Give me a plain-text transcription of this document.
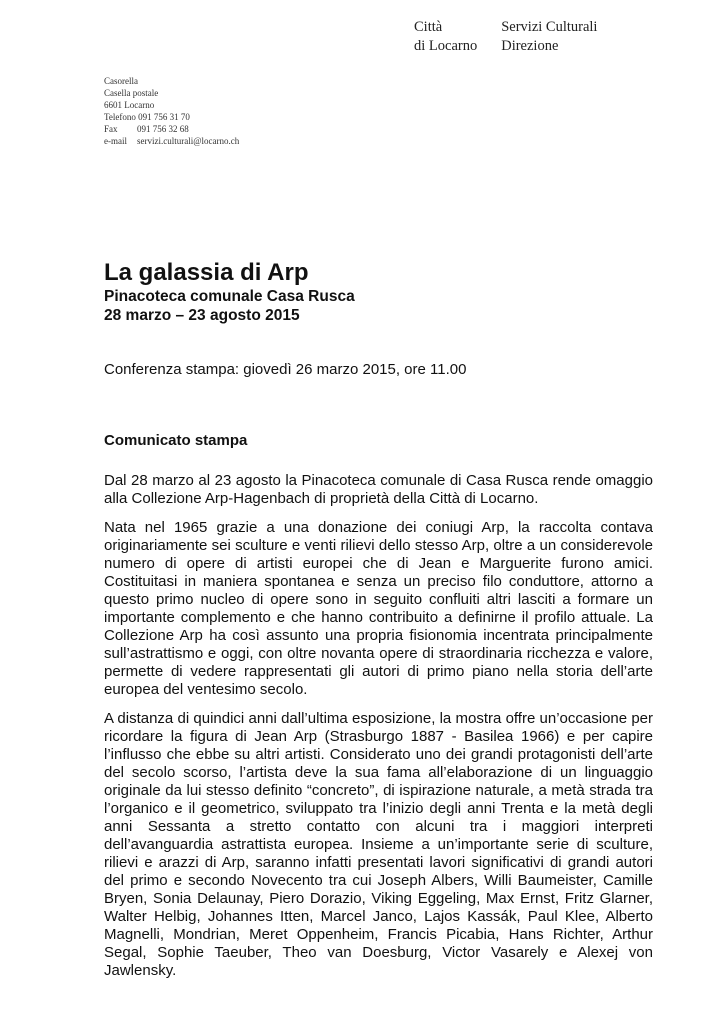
Città
di Locarno
Servizi Culturali
Direzione
Casorella
Casella postale
6601 Locarno
Telefono 091 756 31 70
Fax	091 756 32 68
e-mail	servizi.culturali@locarno.ch
La galassia di Arp
Pinacoteca comunale Casa Rusca
28 marzo – 23 agosto 2015
Conferenza stampa: giovedì 26 marzo 2015, ore 11.00
Comunicato stampa

Dal 28 marzo al 23 agosto la Pinacoteca comunale di Casa Rusca rende omaggio alla Collezione Arp-Hagenbach di proprietà della Città di Locarno.

Nata nel 1965 grazie a una donazione dei coniugi Arp, la raccolta contava originariamente sei sculture e venti rilievi dello stesso Arp, oltre a un considerevole numero di opere di artisti europei che di Jean e Marguerite furono amici. Costituitasi in maniera spontanea e senza un preciso filo conduttore, attorno a questo primo nucleo di opere sono in seguito confluiti altri lasciti a formare un importante complemento e che hanno contribuito a definirne il profilo attuale. La Collezione Arp ha così assunto una propria fisionomia incentrata principalmente sull’astrattismo e oggi, con oltre novanta opere di straordinaria ricchezza e valore, permette di vedere rappresentati gli autori di primo piano nella storia dell’arte europea del ventesimo secolo.

A distanza di quindici anni dall’ultima esposizione, la mostra offre un’occasione per ricordare la figura di Jean Arp (Strasburgo 1887 - Basilea 1966) e per capire l’influsso che ebbe su altri artisti. Considerato uno dei grandi protagonisti dell’arte del secolo scorso, l’artista deve la sua fama all’elaborazione di un linguaggio originale da lui stesso definito “concreto”, di ispirazione naturale, a metà strada tra l’organico e il geometrico, sviluppato tra l’inizio degli anni Trenta e la metà degli anni Sessanta a stretto contatto con alcuni tra i maggiori interpreti dell’avanguardia astrattista europea. Insieme a un’importante serie di sculture, rilievi e arazzi di Arp, saranno infatti presentati lavori significativi di grandi autori del primo e secondo Novecento tra cui Joseph Albers, Willi Baumeister, Camille Bryen, Sonia Delaunay, Piero Dorazio, Viking Eggeling, Max Ernst, Fritz Glarner, Walter Helbig, Johannes Itten, Marcel Janco, Lajos Kassák, Paul Klee, Alberto Magnelli, Mondrian, Meret Oppenheim, Francis Picabia, Hans Richter, Arthur Segal, Sophie Taeuber, Theo van Doesburg, Victor Vasarely e Alexej von Jawlensky.
